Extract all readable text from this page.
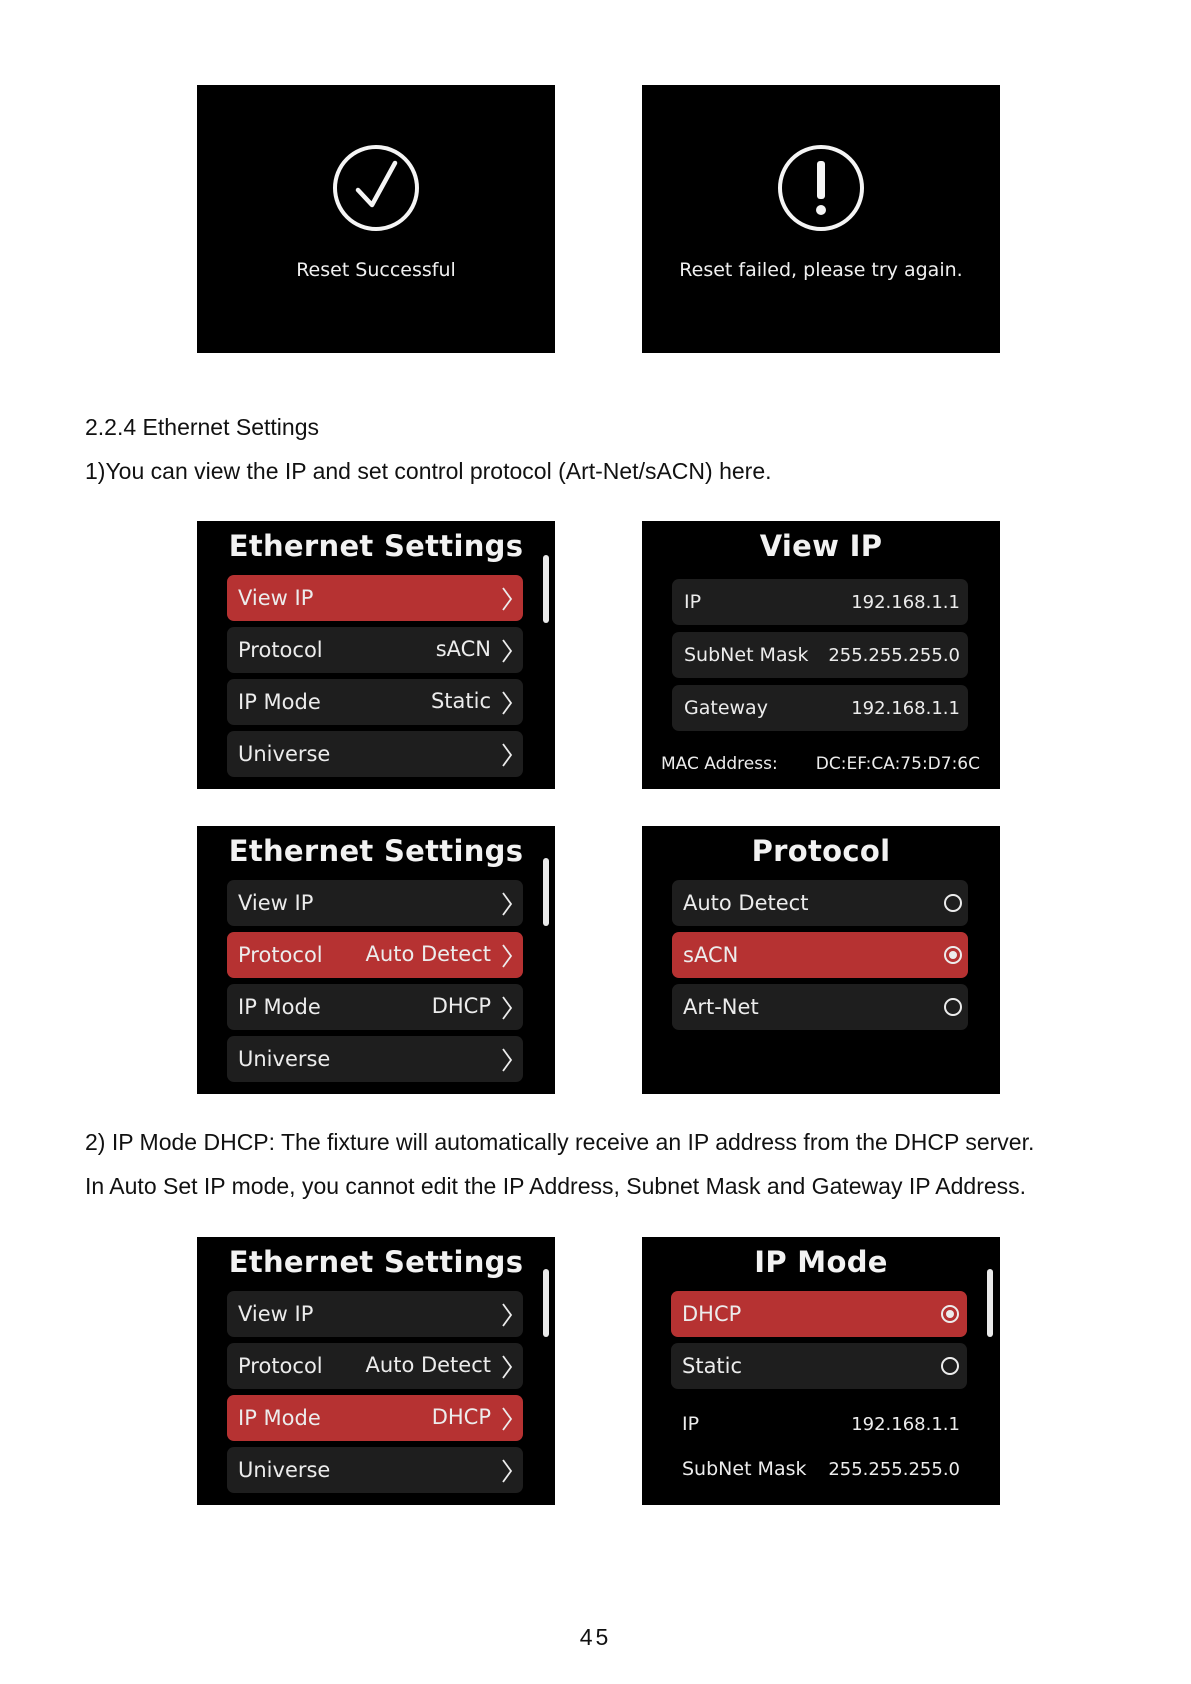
Reset Successful	Reset failed, please try again.
2.2.4 Ethernet Settings
1)You can view the IP and set control protocol (Art-Net/sACN) here.
Ethernet Settings
View IP
Protocol	sACN
IP Mode	Static
Universe
View IP
IP	192.168.1.1
SubNet Mask 255.255.255.0
Gateway	192.168.1.1
MAC Address: DC:EF:CA:75:D7:6C
Ethernet Settings
View IP
Protocol Auto Detect
IP Mode	DHCP
Universe
Protocol
Auto Detect
sACN
Art-Net
2) IP Mode DHCP: The fixture will automatically receive an IP address from the DHCP server.
In Auto Set IP mode, you cannot edit the IP Address, Subnet Mask and Gateway IP Address.
Ethernet Settings
View IP
Protocol Auto Detect
IP Mode	DHCP
Universe
IP Mode
DHCP
Static
IP	192.168.1.1
SubNet Mask 255.255.255.0
45
